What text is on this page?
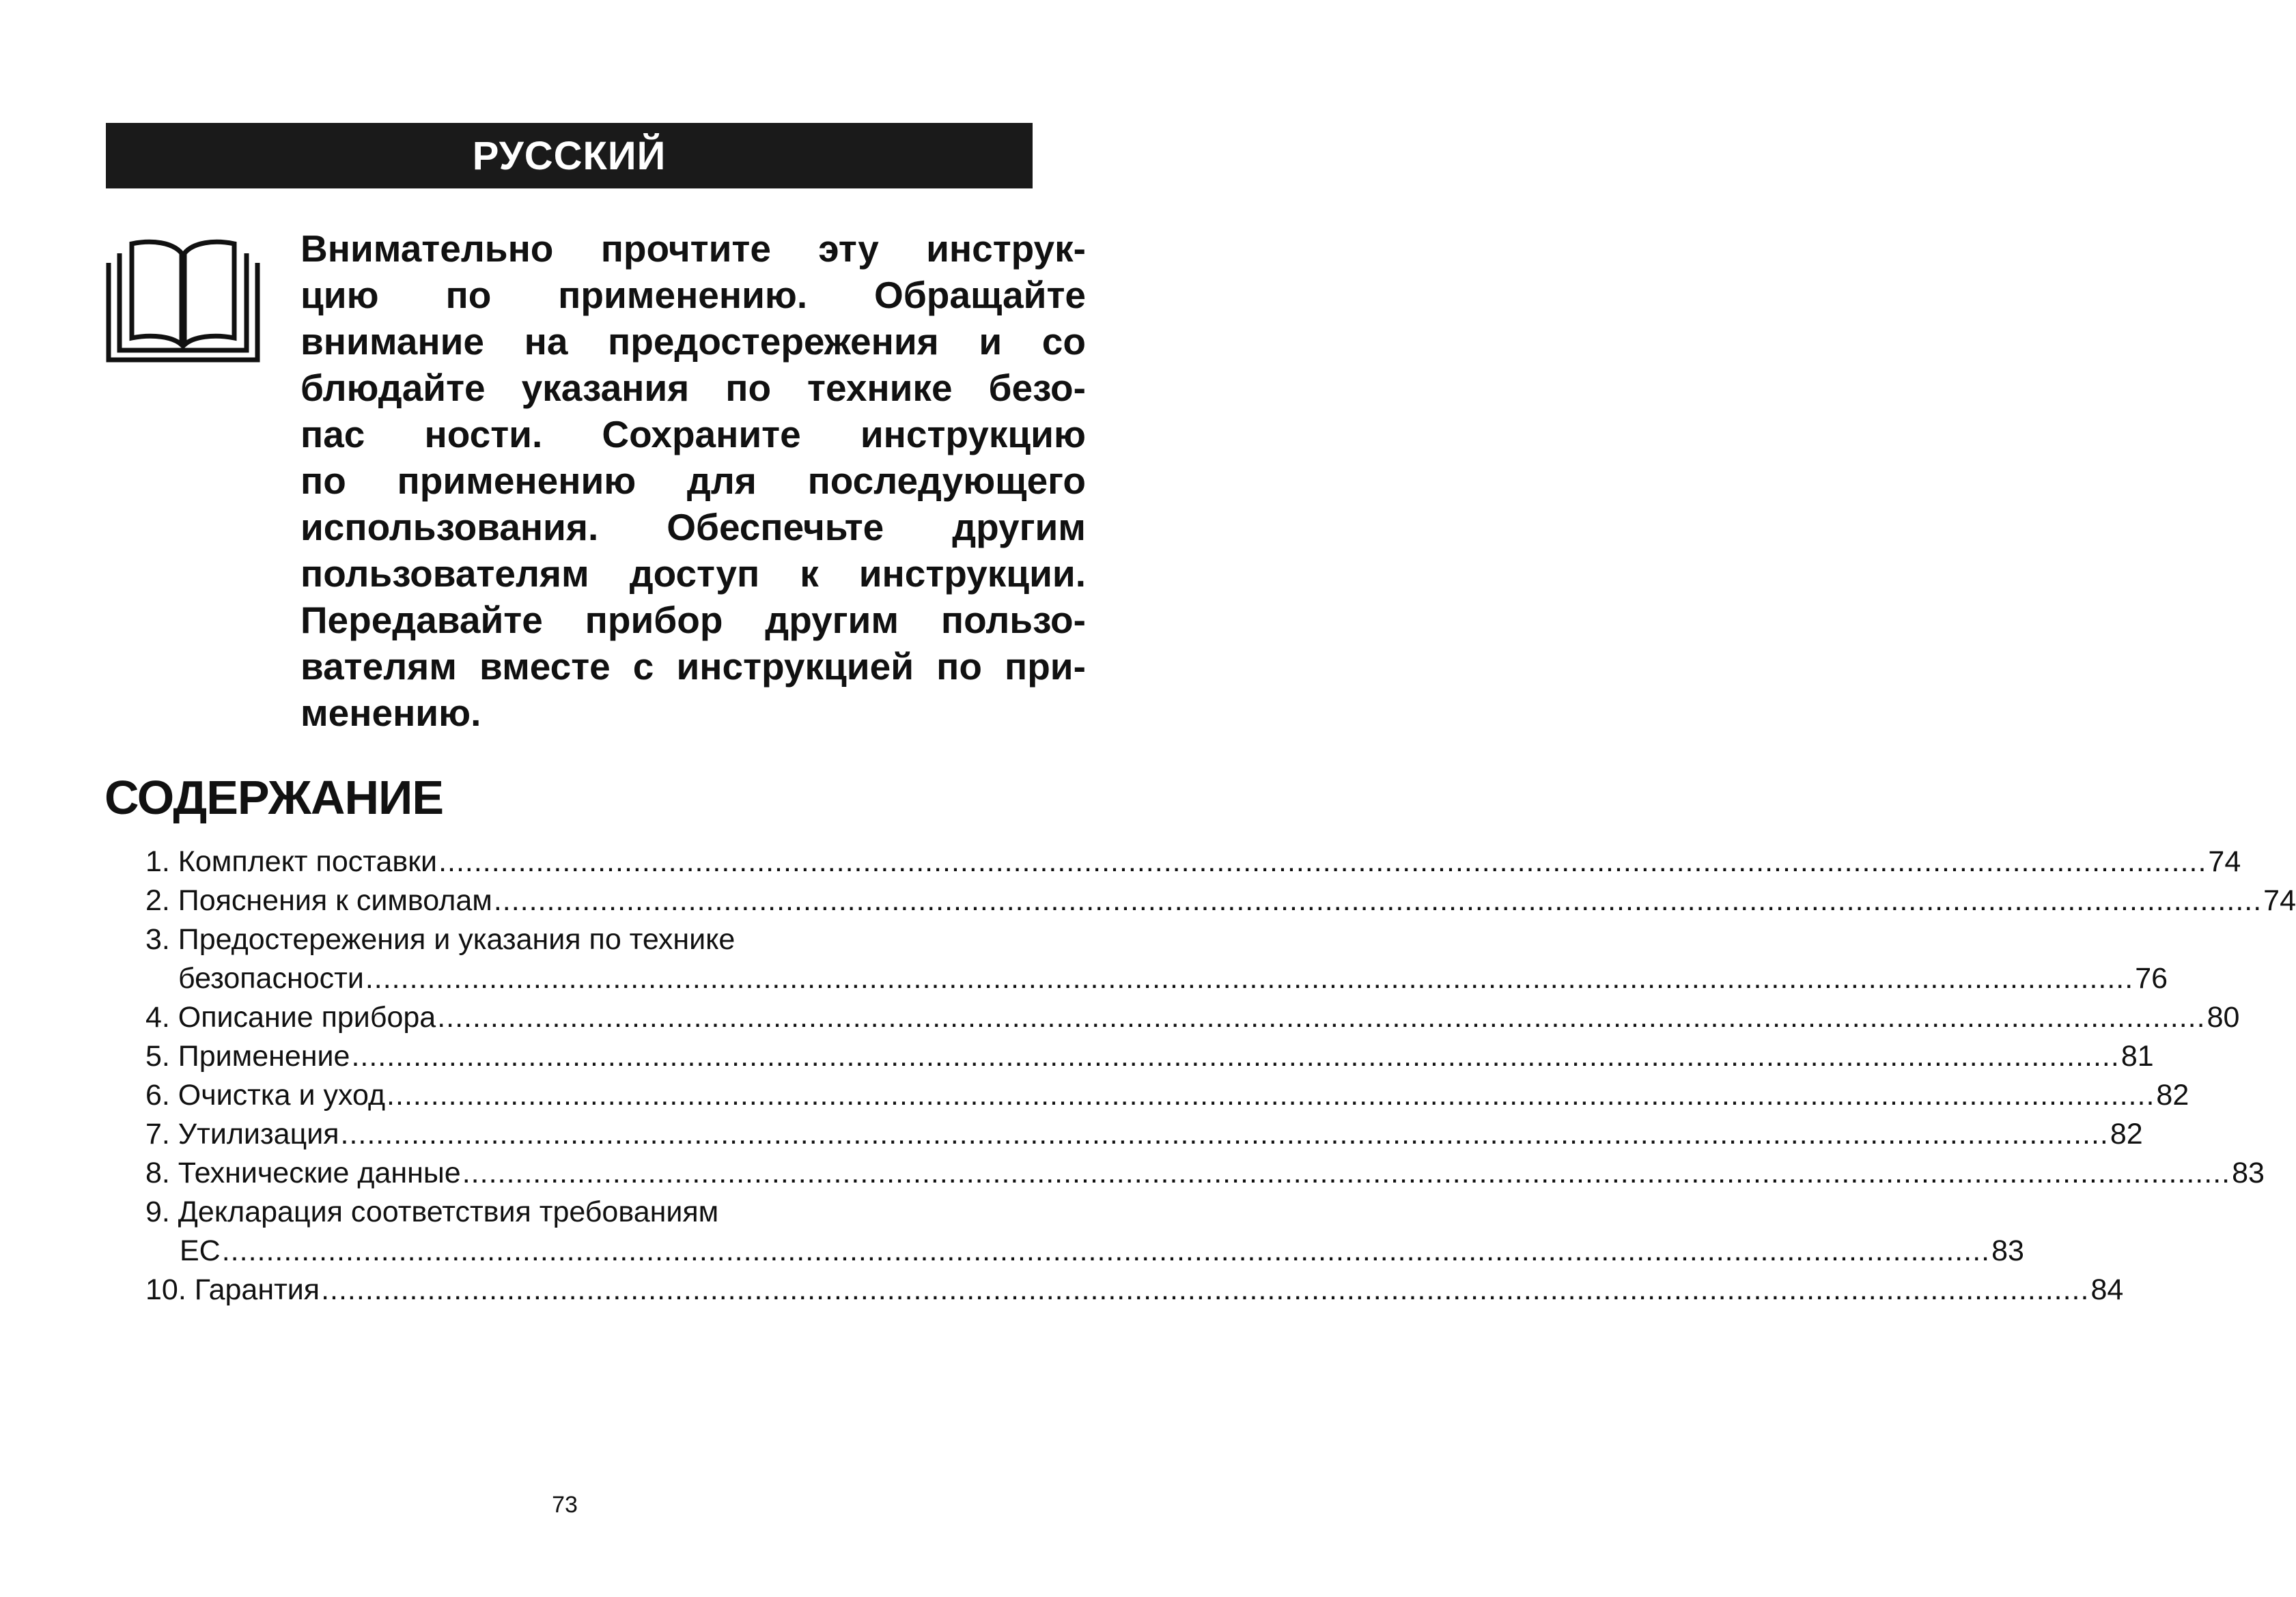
РУССКИЙ
Внимательно прочтите эту инструк-
цию по применению. Обращайте
внимание на предостережения и со
блюдайте указания по технике безо-
пас ности. Сохраните инструкцию
по применению для последующего
использования. Обеспечьте другим
пользователям доступ к инструкции.
Передавайте прибор другим пользо-
вателям вместе с инструкцией по при-
менению.
СОДЕРЖАНИЕ
1. Комплект поставки ........................................................................................................................................................................................................ 74
2. Пояснения к символам ........................................................................................................................................................................................................ 74
3. Предостережения и указания по технике
безопасности ........................................................................................................................................................................................................ 76
4. Описание прибора ........................................................................................................................................................................................................ 80
5. Применение ........................................................................................................................................................................................................ 81
6. Очистка и уход ........................................................................................................................................................................................................ 82
7. Утилизация ........................................................................................................................................................................................................ 82
8. Технические данные ........................................................................................................................................................................................................ 83
9. Декларация соответствия требованиям
ЕС ........................................................................................................................................................................................................ 83
10. Гарантия ........................................................................................................................................................................................................ 84
73
